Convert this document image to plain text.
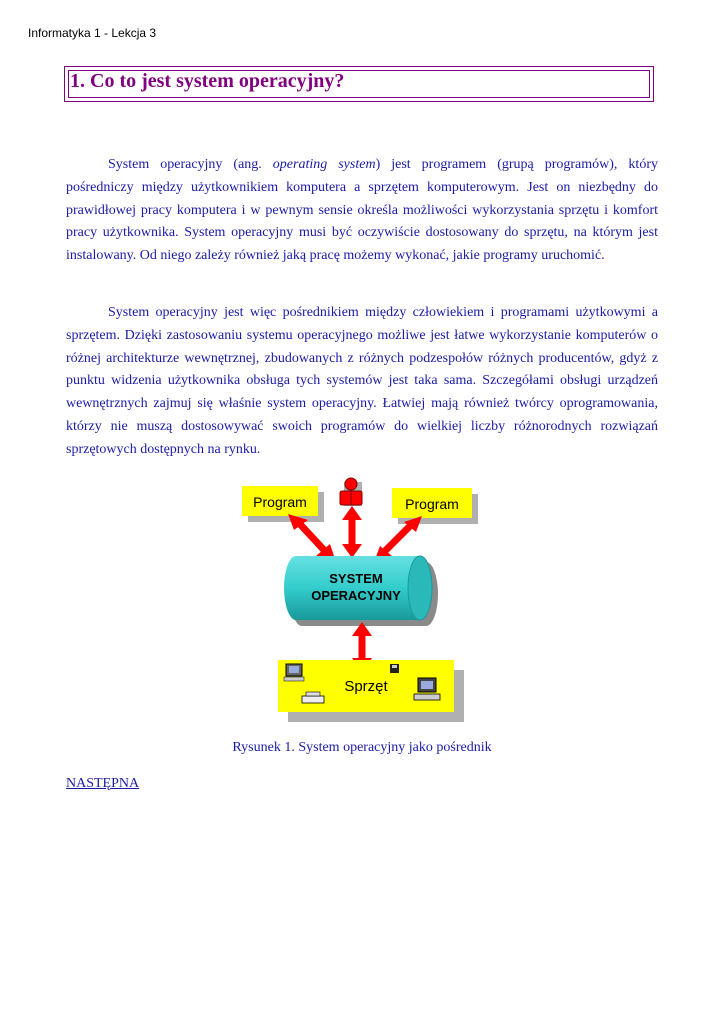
Informatyka 1 - Lekcja 3
1. Co to jest system operacyjny?

System operacyjny (ang. operating system) jest programem (grupą programów), który pośredniczy między użytkownikiem komputera a sprzętem komputerowym. Jest on niezbędny do prawidłowej pracy komputera i w pewnym sensie określa możliwości wykorzystania sprzętu i komfort pracy użytkownika. System operacyjny musi być oczywiście dostosowany do sprzętu, na którym jest instalowany. Od niego zależy również jaką pracę możemy wykonać, jakie programy uruchomić.

System operacyjny jest więc pośrednikiem między człowiekiem i programami użytkowymi a sprzętem. Dzięki zastosowaniu systemu operacyjnego możliwe jest łatwe wykorzystanie komputerów o różnej architekturze wewnętrznej, zbudowanych z różnych podzespołów różnych producentów, gdyż z punktu widzenia użytkownika obsługa tych systemów jest taka sama. Szczegółami obsługi urządzeń wewnętrznych zajmuj się właśnie system operacyjny. Łatwiej mają również twórcy oprogramowania, którzy nie muszą dostosowywać swoich programów do wielkiej liczby różnorodnych rozwiązań sprzętowych dostępnych na rynku.

Program	Program
SYSTEM
OPERACYJNY
Sprzęt
Rysunek 1. System operacyjny jako pośrednik
NASTĘPNA
